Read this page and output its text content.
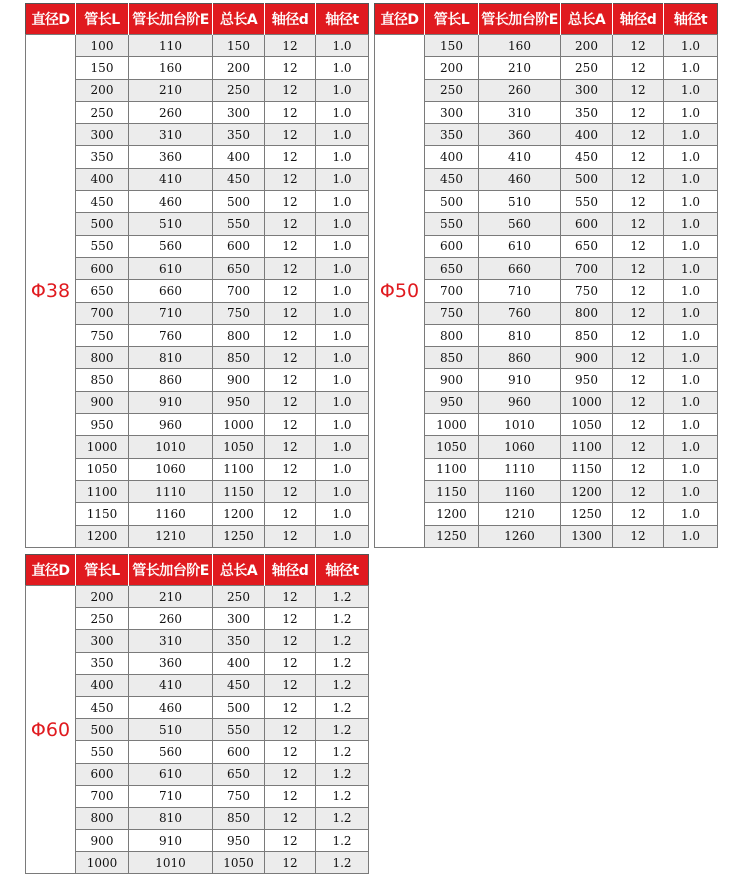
直径D	管长L	管长加台阶E	总长A	轴径d	轴径t
Φ38	100	110	150	12	1.0
	150	160	200	12	1.0
	200	210	250	12	1.0
	250	260	300	12	1.0
	300	310	350	12	1.0
	350	360	400	12	1.0
	400	410	450	12	1.0
	450	460	500	12	1.0
	500	510	550	12	1.0
	550	560	600	12	1.0
	600	610	650	12	1.0
	650	660	700	12	1.0
	700	710	750	12	1.0
	750	760	800	12	1.0
	800	810	850	12	1.0
	850	860	900	12	1.0
	900	910	950	12	1.0
	950	960	1000	12	1.0
	1000	1010	1050	12	1.0
	1050	1060	1100	12	1.0
	1100	1110	1150	12	1.0
	1150	1160	1200	12	1.0
	1200	1210	1250	12	1.0
直径D	管长L	管长加台阶E	总长A	轴径d	轴径t
Φ50	150	160	200	12	1.0
	200	210	250	12	1.0
	250	260	300	12	1.0
	300	310	350	12	1.0
	350	360	400	12	1.0
	400	410	450	12	1.0
	450	460	500	12	1.0
	500	510	550	12	1.0
	550	560	600	12	1.0
	600	610	650	12	1.0
	650	660	700	12	1.0
	700	710	750	12	1.0
	750	760	800	12	1.0
	800	810	850	12	1.0
	850	860	900	12	1.0
	900	910	950	12	1.0
	950	960	1000	12	1.0
	1000	1010	1050	12	1.0
	1050	1060	1100	12	1.0
	1100	1110	1150	12	1.0
	1150	1160	1200	12	1.0
	1200	1210	1250	12	1.0
	1250	1260	1300	12	1.0
直径D	管长L	管长加台阶E	总长A	轴径d	轴径t
Φ60	200	210	250	12	1.2
	250	260	300	12	1.2
	300	310	350	12	1.2
	350	360	400	12	1.2
	400	410	450	12	1.2
	450	460	500	12	1.2
	500	510	550	12	1.2
	550	560	600	12	1.2
	600	610	650	12	1.2
	700	710	750	12	1.2
	800	810	850	12	1.2
	900	910	950	12	1.2
	1000	1010	1050	12	1.2
